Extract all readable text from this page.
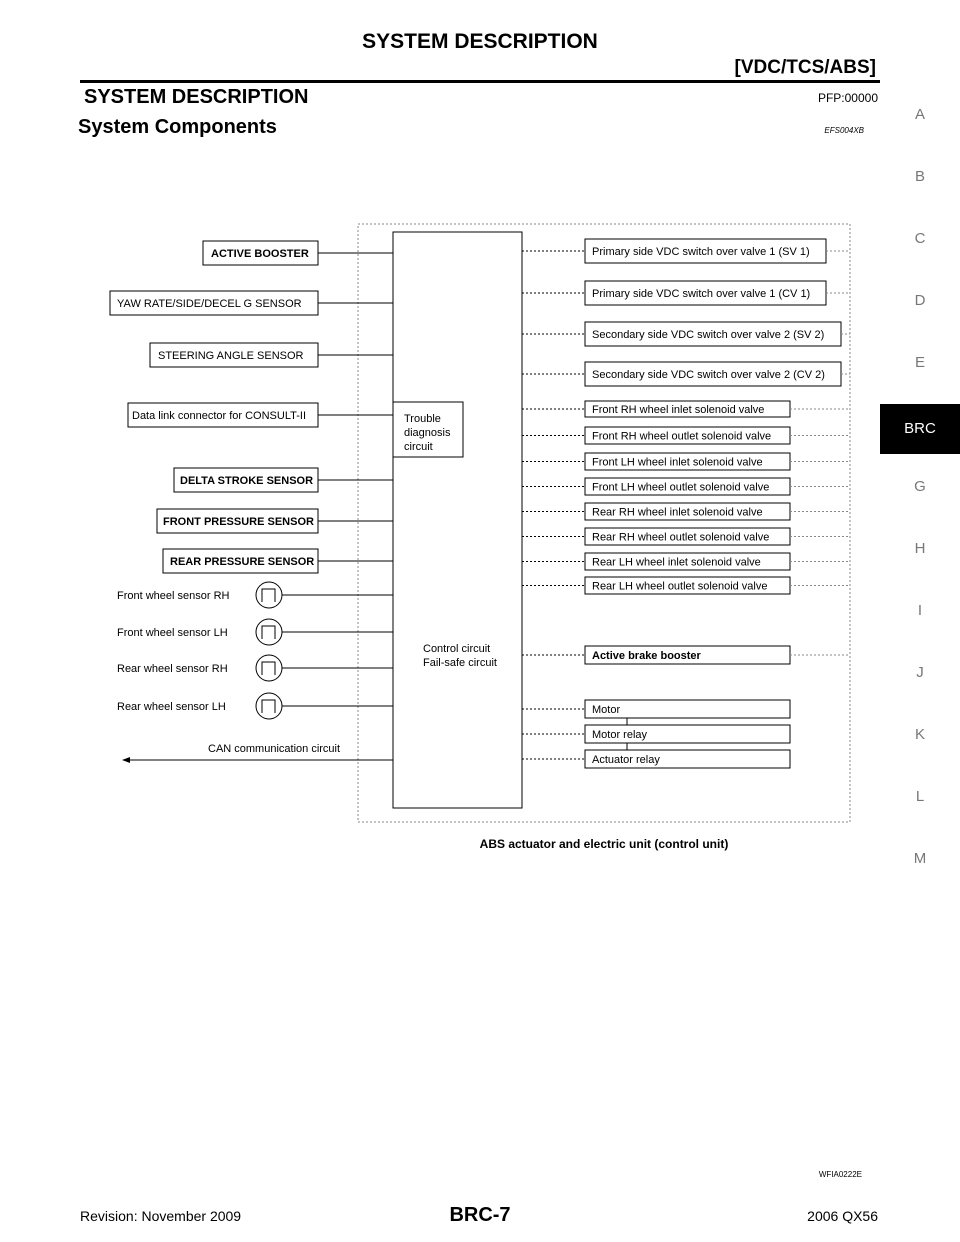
SYSTEM DESCRIPTION
[VDC/TCS/ABS]
SYSTEM DESCRIPTION	PFP:00000
System Components	EFS004XB
A
B
C
D
E
BRC
G
H
I
J
K
L
M
Trouble
diagnosis
circuit
Control circuit
Fail-safe circuit
ACTIVE BOOSTER
YAW RATE/SIDE/DECEL G SENSOR
STEERING ANGLE SENSOR
Data link connector for CONSULT-II
DELTA STROKE SENSOR
FRONT PRESSURE SENSOR
REAR PRESSURE SENSOR
Front wheel sensor RH
Front wheel sensor LH
Rear wheel sensor RH
Rear wheel sensor LH
CAN communication circuit
Primary side VDC switch over valve 1 (SV 1)
Primary side VDC switch over valve 1 (CV 1)
Secondary side VDC switch over valve 2 (SV 2)
Secondary side VDC switch over valve 2 (CV 2)
Front RH wheel inlet solenoid valve
Front RH wheel outlet solenoid valve
Front LH wheel inlet solenoid valve
Front LH wheel outlet solenoid valve
Rear RH wheel inlet solenoid valve
Rear RH wheel outlet solenoid valve
Rear LH wheel inlet solenoid valve
Rear LH wheel outlet solenoid valve
Active brake booster
Motor
Motor relay
Actuator relay
ABS actuator and electric unit (control unit)
WFIA0222E
Revision: November 2009	BRC-7	2006 QX56
